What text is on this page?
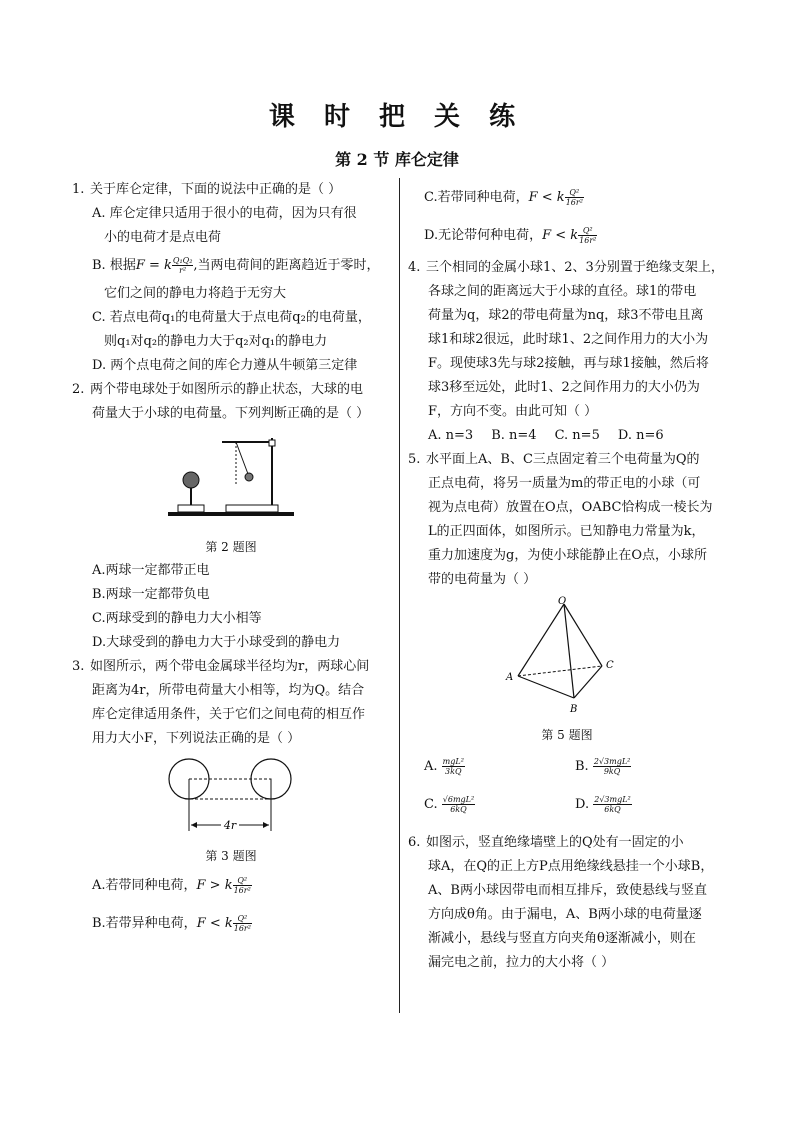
课 时 把 关 练
第 2 节 库仑定律
1. 关于库仑定律，下面的说法中正确的是（ ）

A. 库仑定律只适用于很小的电荷，因为只有很

小的电荷才是点电荷

B. 根据F = k $\frac{\text{Q₁Q₂}}{\text{r²}}$ ,当两电荷间的距离趋近于零时，

它们之间的静电力将趋于无穷大

C. 若点电荷q₁的电荷量大于点电荷q₂的电荷量，

则q₁对q₂的静电力大于q₂对q₁的静电力

D. 两个点电荷之间的库仑力遵从牛顿第三定律

2. 两个带电球处于如图所示的静止状态，大球的电

荷量大于小球的电荷量。下列判断正确的是（ ）

第 2 题图

A.两球一定都带正电

B.两球一定都带负电

C.两球受到的静电力大小相等

D.大球受到的静电力大于小球受到的静电力

3. 如图所示，两个带电金属球半径均为r，两球心间

距离为4r，所带电荷量大小相等，均为Q。结合

库仑定律适用条件，关于它们之间电荷的相互作

用力大小F，下列说法正确的是（ ）

4r

第 3 题图

A.若带同种电荷，F > k $\frac{\text{Q²}}{\text{16r²}}$

B.若带异种电荷，F < k $\frac{\text{Q²}}{\text{16r²}}$

C.若带同种电荷，F < k $\frac{\text{Q²}}{\text{16r²}}$

D.无论带何种电荷，F < k $\frac{\text{Q²}}{\text{16r²}}$

4. 三个相同的金属小球1、2、3分别置于绝缘支架上，

各球之间的距离远大于小球的直径。球1的带电

荷量为q，球2的带电荷量为nq，球3不带电且离

球1和球2很远，此时球1、2之间作用力的大小为

F。现使球3先与球2接触，再与球1接触，然后将

球3移至远处，此时1、2之间作用力的大小仍为

F，方向不变。由此可知（ ）

A. n=3 B. n=4 C. n=5 D. n=6
5. 水平面上A、B、C三点固定着三个电荷量为Q的

正点电荷，将另一质量为m的带正电的小球（可

视为点电荷）放置在O点，OABC恰构成一棱长为

L的正四面体，如图所示。已知静电力常量为k，

重力加速度为g，为使小球能静止在O点，小球所

带的电荷量为（ ）

O
A
C
B

第 5 题图

A. $\frac{\text{mgL²}}{3kQ}$	B. $\frac{\text{2√3mgL²}}{9kQ}$
C. $\frac{\text{√6mgL²}}{6kQ}$	D. $\frac{\text{2√3mgL²}}{6kQ}$
6. 如图示，竖直绝缘墙壁上的Q处有一固定的小

球A，在Q的正上方P点用绝缘线悬挂一个小球B，

A、B两小球因带电而相互排斥，致使悬线与竖直

方向成θ角。由于漏电，A、B两小球的电荷量逐

渐减小，悬线与竖直方向夹角θ逐渐减小，则在

漏完电之前，拉力的大小将（ ）
